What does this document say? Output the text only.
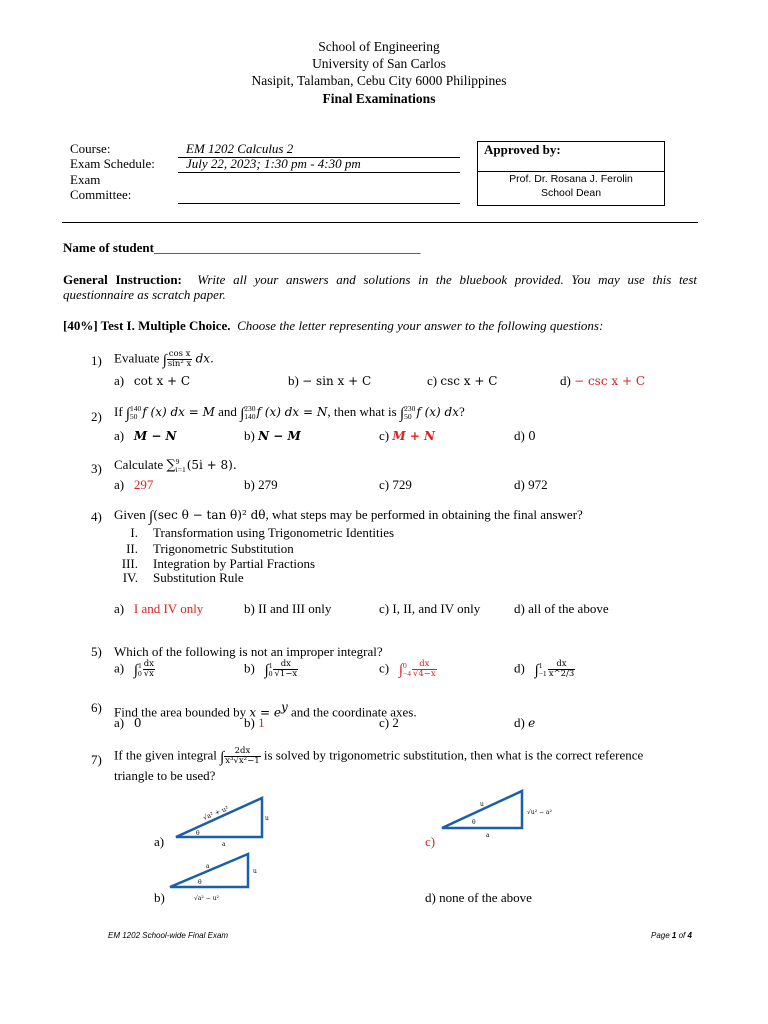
School of Engineering
University of San Carlos
Nasipit, Talamban, Cebu City 6000 Philippines
Final Examinations
Course:	EM 1202 Calculus 2
Exam Schedule: July 22, 2023; 1:30 pm - 4:30 pm
Exam
Committee:
Approved by:
Prof. Dr. Rosana J. Ferolin
School Dean
Name of student_________________________________________
General Instruction: Write all your answers and solutions in the bluebook provided. You may use this test
questionnaire as scratch paper.
[40%] Test I. Multiple Choice. Choose the letter representing your answer to the following questions:
1) Evaluate ∫ $\frac{\text{cos x}}{\text{sin² x}}$ dx.
a) cot x + C	b) − sin x + C	c) csc x + C	d) − csc x + C
2) If ∫ 140
50 f (x) dx = M and ∫ 230
140 f (x) dx = N, then what is ∫ 230
50 f (x) dx?
a) M − N	b) N − M	c) M + N	d) 0
3) Calculate ∑ 9
i=1 (5i + 8).
a) 297	b) 279	c) 729	d) 972
4) Given ∫(sec θ − tan θ)² dθ, what steps may be performed in obtaining the final answer?
I. Transformation using Trigonometric Identities
II. Trigonometric Substitution
III. Integration by Partial Fractions
IV. Substitution Rule
a) I and IV only	b) II and III only	c) I, II, and IV only	d) all of the above
5) Which of the following is not an improper integral?
a) ∫ 1
$0 \frac{dx}{√x}$	b) ∫ 1
$0 \frac{dx}{√1-x}$	c) ∫ 0
$-4 \frac{dx}{√4-x}$	d) ∫ 1
$-1 \frac{dx}{x\^{}2/3}$
6) Find the area bounded by $x = e^y$ and the coordinate axes.
a) 0	b) 1	c) 2	d) e
7) If the given integral ∫ $\frac{2dx}{\text{x³√x²−1}}$ is solved by trigonometric substitution, then what is the correct reference
triangle to be used?
√a² + u²	u
a
θ
a)
a
u
√a² − u²
θ
b)
u
√u² − a²
a
θ
c)
d) none of the above
EM 1202 School-wide Final Exam	Page 1 of 4
